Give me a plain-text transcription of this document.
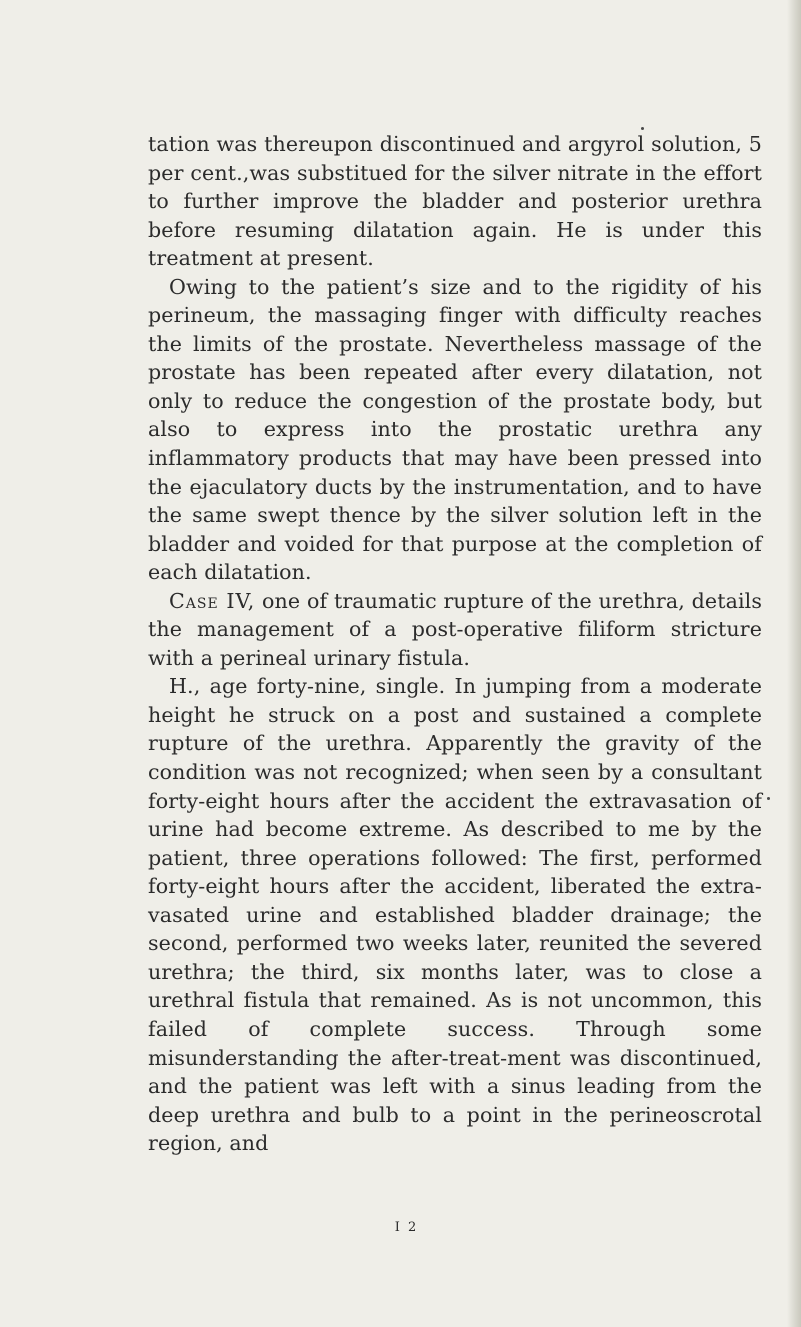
tation was thereupon discontinued and argyrol solution, 5 per cent.,was substitued for the silver nitrate in the effort to further improve the bladder and posterior urethra before resuming dilatation again. He is under this treatment at present.

Owing to the patient’s size and to the rigidity of his perineum, the massaging finger with difficulty reaches the limits of the prostate. Nevertheless massage of the prostate has been repeated after every dilatation, not only to reduce the congestion of the prostate body, but also to express into the prostatic urethra any inflammatory products that may have been pressed into the ejaculatory ducts by the instrumentation, and to have the same swept thence by the silver solution left in the bladder and voided for that purpose at the completion of each dilatation.

Case IV, one of traumatic rupture of the urethra, details the management of a post-operative filiform stricture with a perineal urinary fistula.

H., age forty-nine, single. In jumping from a moderate height he struck on a post and sustained a complete rupture of the urethra. Apparently the gravity of the condition was not recognized; when seen by a consultant forty-eight hours after the accident the extravasation of urine had become extreme. As described to me by the patient, three operations followed: The first, performed forty-eight hours after the accident, liberated the extra-vasated urine and established bladder drainage; the second, performed two weeks later, reunited the severed urethra; the third, six months later, was to close a urethral fistula that remained. As is not uncommon, this failed of complete success. Through some misunderstanding the after-treat-ment was discontinued, and the patient was left with a sinus leading from the deep urethra and bulb to a point in the perineoscrotal region, and

I 2
